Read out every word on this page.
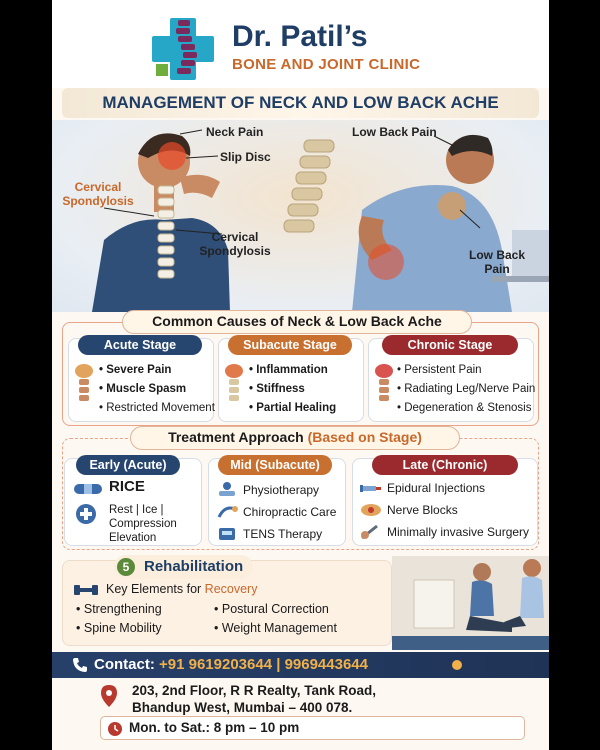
Dr. Patil’s
BONE AND JOINT CLINIC
MANAGEMENT OF NECK AND LOW BACK ACHE
Neck Pain
Slip Disc
Cervical
Spondylosis
Cervical
Spondylosis
Low Back Pain
Low Back
Pain
Common Causes of Neck & Low Back Ache
• Severe Pain
• Muscle Spasm
• Restricted Movement
Acute Stage
• Inflammation
• Stiffness
• Partial Healing
Subacute Stage
• Persistent Pain
• Radiating Leg/Nerve Pain
• Degeneration & Stenosis
Chronic Stage
Treatment Approach (Based on Stage)
RICE
Rest | Ice |
Compression
Elevation
Early (Acute)
Physiotherapy
Chiropractic Care
TENS Therapy
Mid (Subacute)
Epidural Injections
Nerve Blocks
Minimally invasive Surgery
Late (Chronic)
5 Rehabilitation
Key Elements for Recovery
• Strengthening
• Spine Mobility
• Postural Correction
• Weight Management
Contact: +91 9619203644 | 9969443644
203, 2nd Floor, R R Realty, Tank Road,
Bhandup West, Mumbai – 400 078.
Mon. to Sat.: 8 pm – 10 pm
